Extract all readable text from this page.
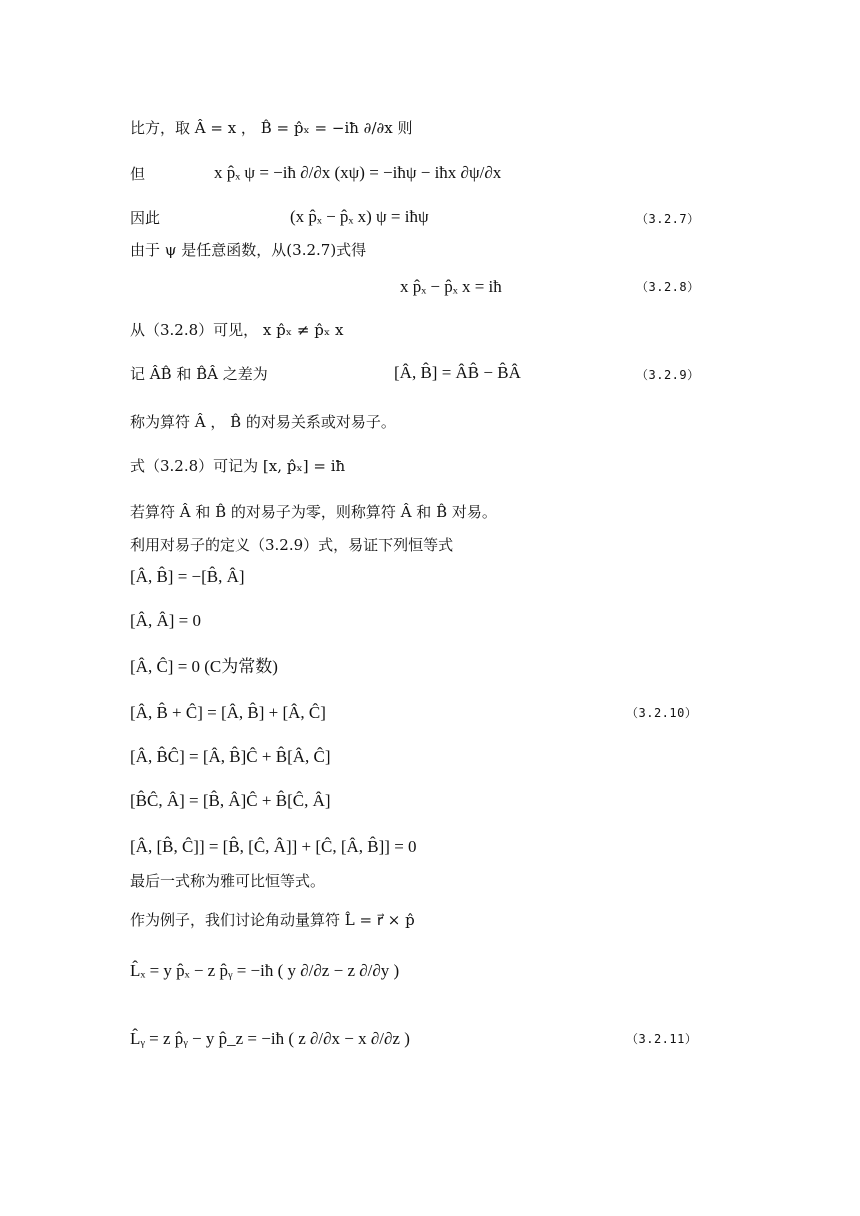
比方，取 Â = x ， B̂ = p̂ₓ = −iħ ∂/∂x 则
但	x p̂ₓ ψ = −iħ ∂/∂x (xψ) = −iħψ − iħx ∂ψ/∂x
因此	(x p̂ₓ − p̂ₓ x) ψ = iħψ	（3.2.7）
由于 ψ 是任意函数，从(3.2.7)式得
x p̂ₓ − p̂ₓ x = iħ	（3.2.8）
从（3.2.8）可见， x p̂ₓ ≠ p̂ₓ x
记 ÂB̂ 和 B̂Â 之差为	[Â, B̂] = ÂB̂ − B̂Â	（3.2.9）
称为算符 Â ， B̂ 的对易关系或对易子。
式（3.2.8）可记为 [x, p̂ₓ] = iħ
若算符 Â 和 B̂ 的对易子为零，则称算符 Â 和 B̂ 对易。
利用对易子的定义（3.2.9）式，易证下列恒等式
[Â, B̂] = −[B̂, Â]
[Â, Â] = 0
[Â, Ĉ] = 0 (C为常数)
[Â, B̂ + Ĉ] = [Â, B̂] + [Â, Ĉ]	（3.2.10）
[Â, B̂Ĉ] = [Â, B̂]Ĉ + B̂[Â, Ĉ]
[B̂Ĉ, Â] = [B̂, Â]Ĉ + B̂[Ĉ, Â]
[Â, [B̂, Ĉ]] = [B̂, [Ĉ, Â]] + [Ĉ, [Â, B̂]] = 0
最后一式称为雅可比恒等式。
作为例子，我们讨论角动量算符 L̂ = r⃗ × p̂
L̂ₓ = y p̂ₓ − z p̂ᵧ = −iħ ( y ∂/∂z − z ∂/∂y )
L̂ᵧ = z p̂ᵧ − y p̂_z = −iħ ( z ∂/∂x − x ∂/∂z )	（3.2.11）
